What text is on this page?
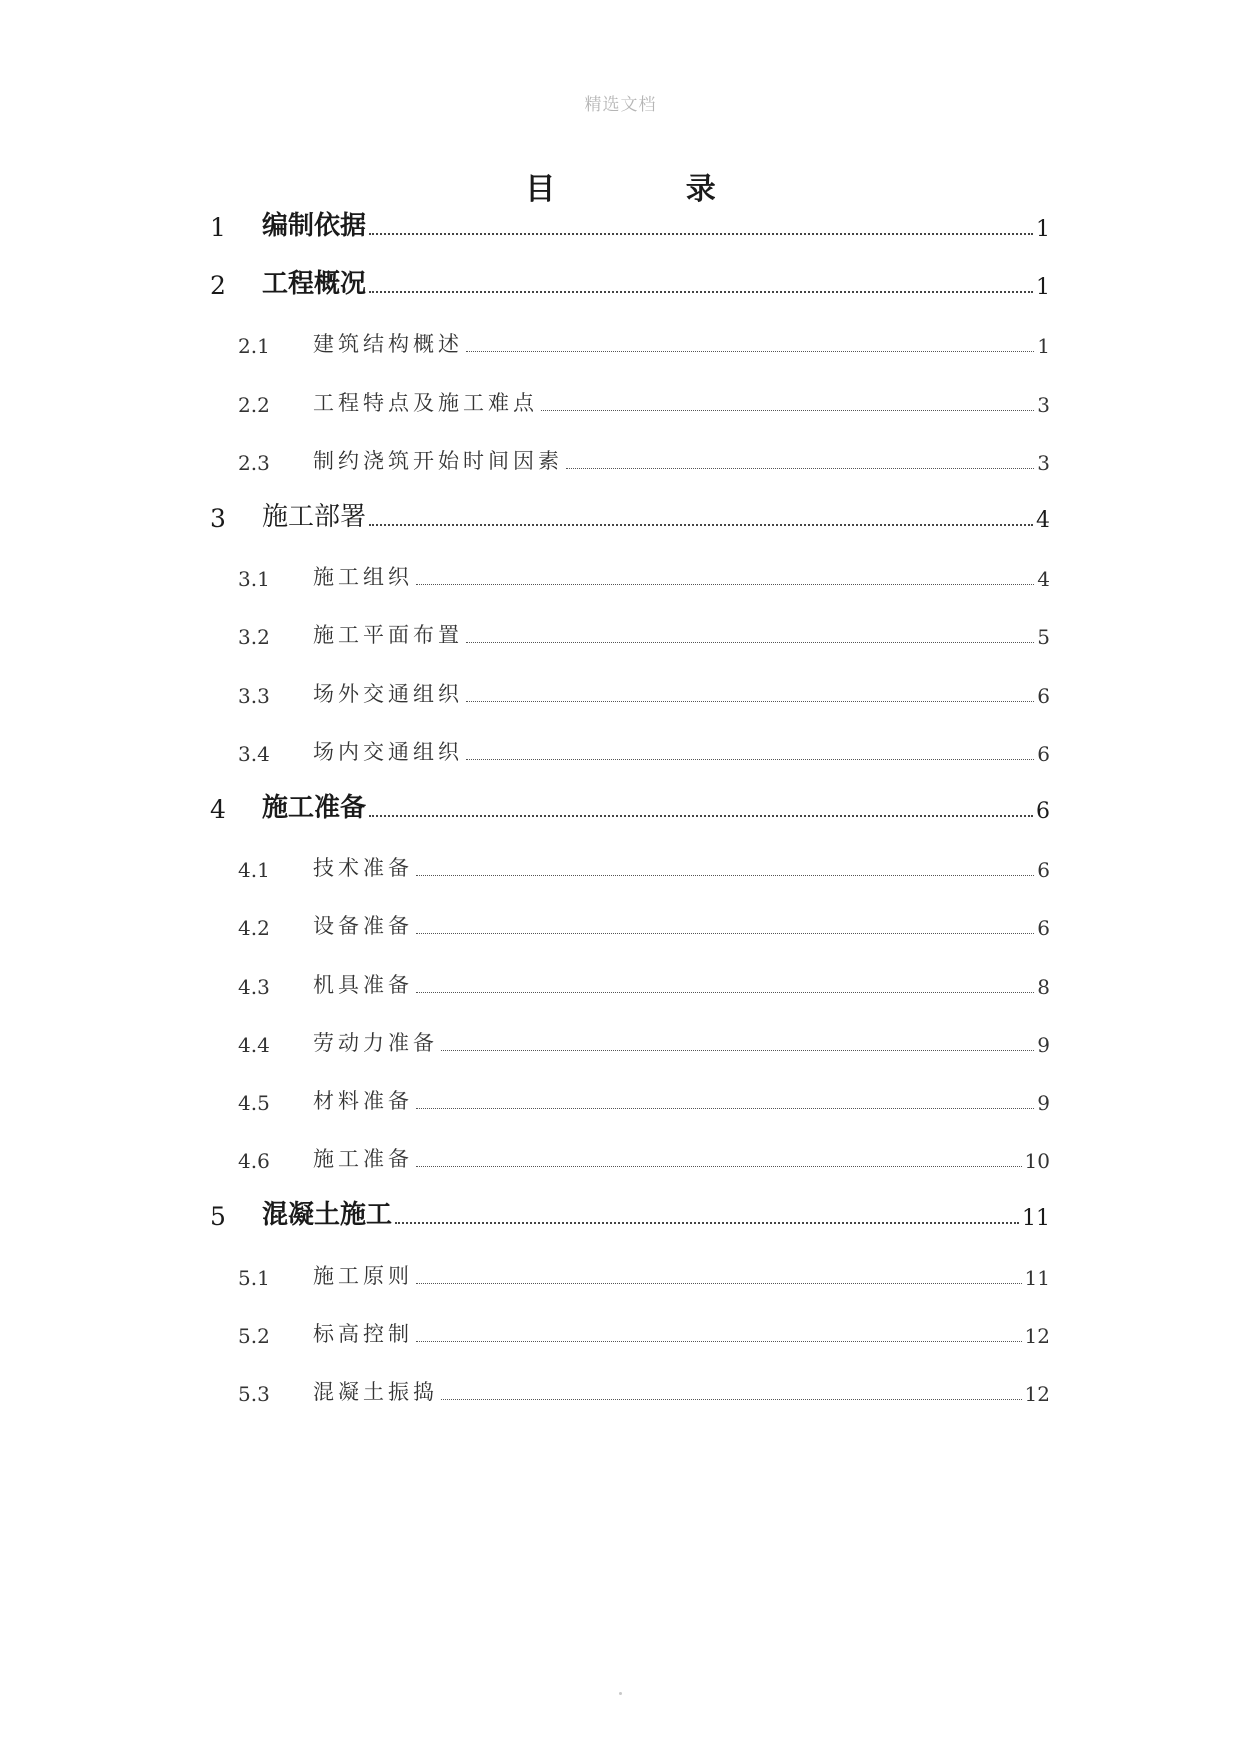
精选文档
目 录
1	编制依据	1
2	工程概况	1
2.1	建筑结构概述	1
2.2	工程特点及施工难点	3
2.3	制约浇筑开始时间因素	3
3	施工部署	4
3.1	施工组织	4
3.2	施工平面布置	5
3.3	场外交通组织	6
3.4	场内交通组织	6
4	施工准备	6
4.1	技术准备	6
4.2	设备准备	6
4.3	机具准备	8
4.4	劳动力准备	9
4.5	材料准备	9
4.6	施工准备	10
5	混凝土施工	11
5.1	施工原则	11
5.2	标高控制	12
5.3	混凝土振捣	12
